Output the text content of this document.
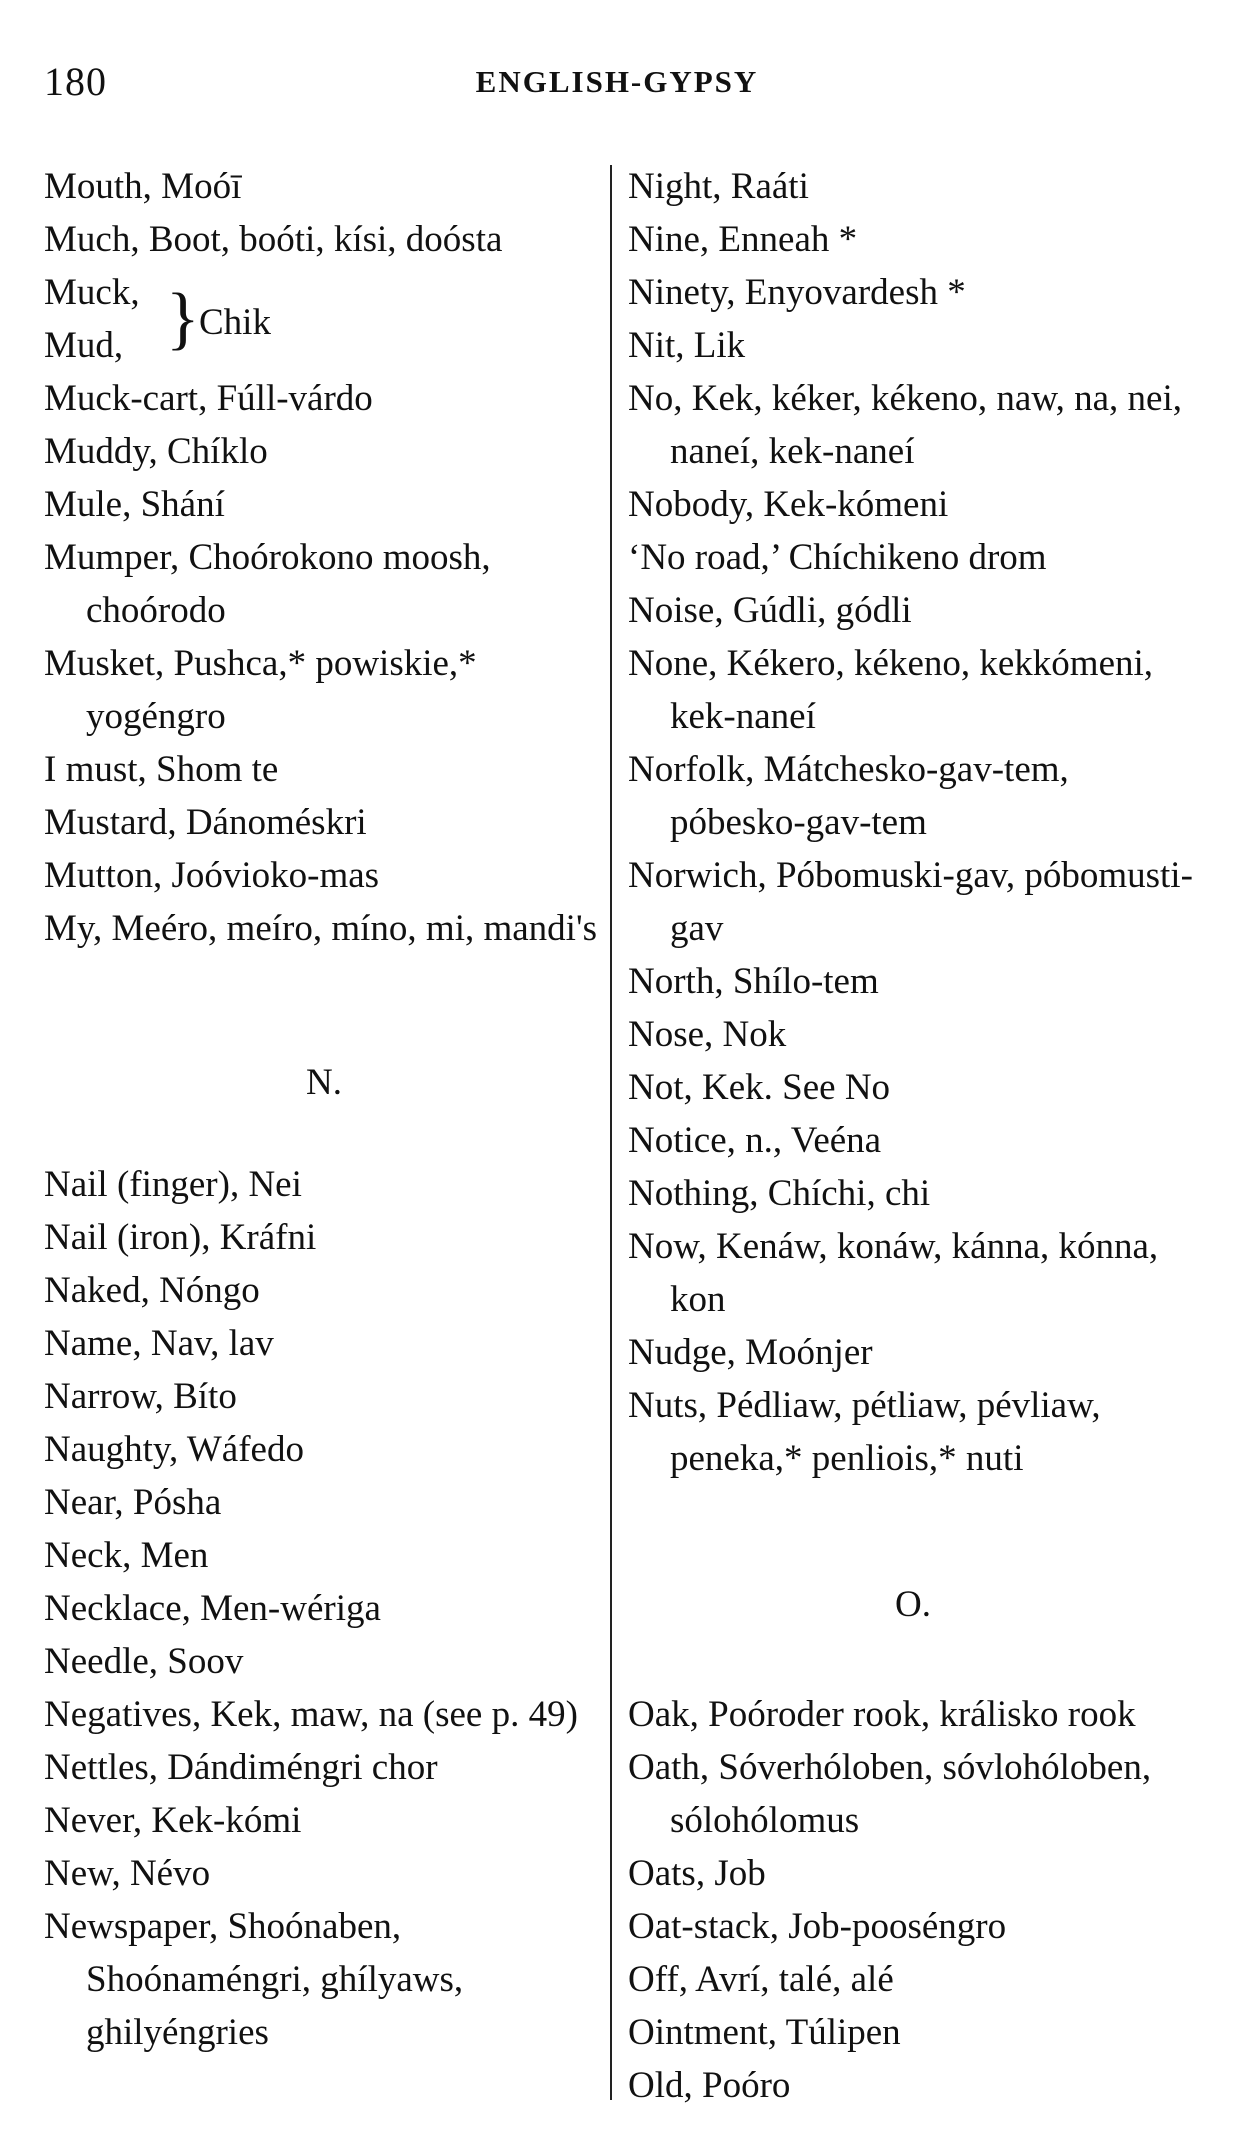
180	ENGLISH-GYPSY

Mouth, Moóī

Much, Boot, boóti, kísi, doósta

Muck,
Mud, } Chik

Muck-cart, Fúll-várdo

Muddy, Chíklo

Mule, Shání

Mumper, Choórokono moosh, choórodo

Musket, Pushca,* powiskie,* yogéngro

I must, Shom te

Mustard, Dánoméskri

Mutton, Joóvioko-mas

My, Meéro, meíro, míno, mi, mandi's

N.

Nail (finger), Nei

Nail (iron), Kráfni

Naked, Nóngo

Name, Nav, lav

Narrow, Bíto

Naughty, Wáfedo

Near, Pósha

Neck, Men

Necklace, Men-wériga

Needle, Soov

Negatives, Kek, maw, na (see p. 49)

Nettles, Dándiméngri chor

Never, Kek-kómi

New, Névo

Newspaper, Shoónaben, Shoónaméngri, ghílyaws, ghilyéngries

Night, Raáti

Nine, Enneah *

Ninety, Enyovardesh *

Nit, Lik

No, Kek, kéker, kékeno, naw, na, nei, naneí, kek-naneí

Nobody, Kek-kómeni

‘No road,’ Chíchikeno drom

Noise, Gúdli, gódli

None, Kékero, kékeno, kekkómeni, kek-naneí

Norfolk, Mátchesko-gav-tem, póbesko-gav-tem

Norwich, Póbomuski-gav, póbomusti-gav

North, Shílo-tem

Nose, Nok

Not, Kek. See No

Notice, n., Veéna

Nothing, Chíchi, chi

Now, Kenáw, konáw, kánna, kónna, kon

Nudge, Moónjer

Nuts, Pédliaw, pétliaw, pévliaw, peneka,* penliois,* nuti

O.

Oak, Poóroder rook, králisko rook

Oath, Sóverhóloben, sóvlohóloben, sólohólomus

Oats, Job

Oat-stack, Job-pooséngro

Off, Avrí, talé, alé

Ointment, Túlipen

Old, Poóro
